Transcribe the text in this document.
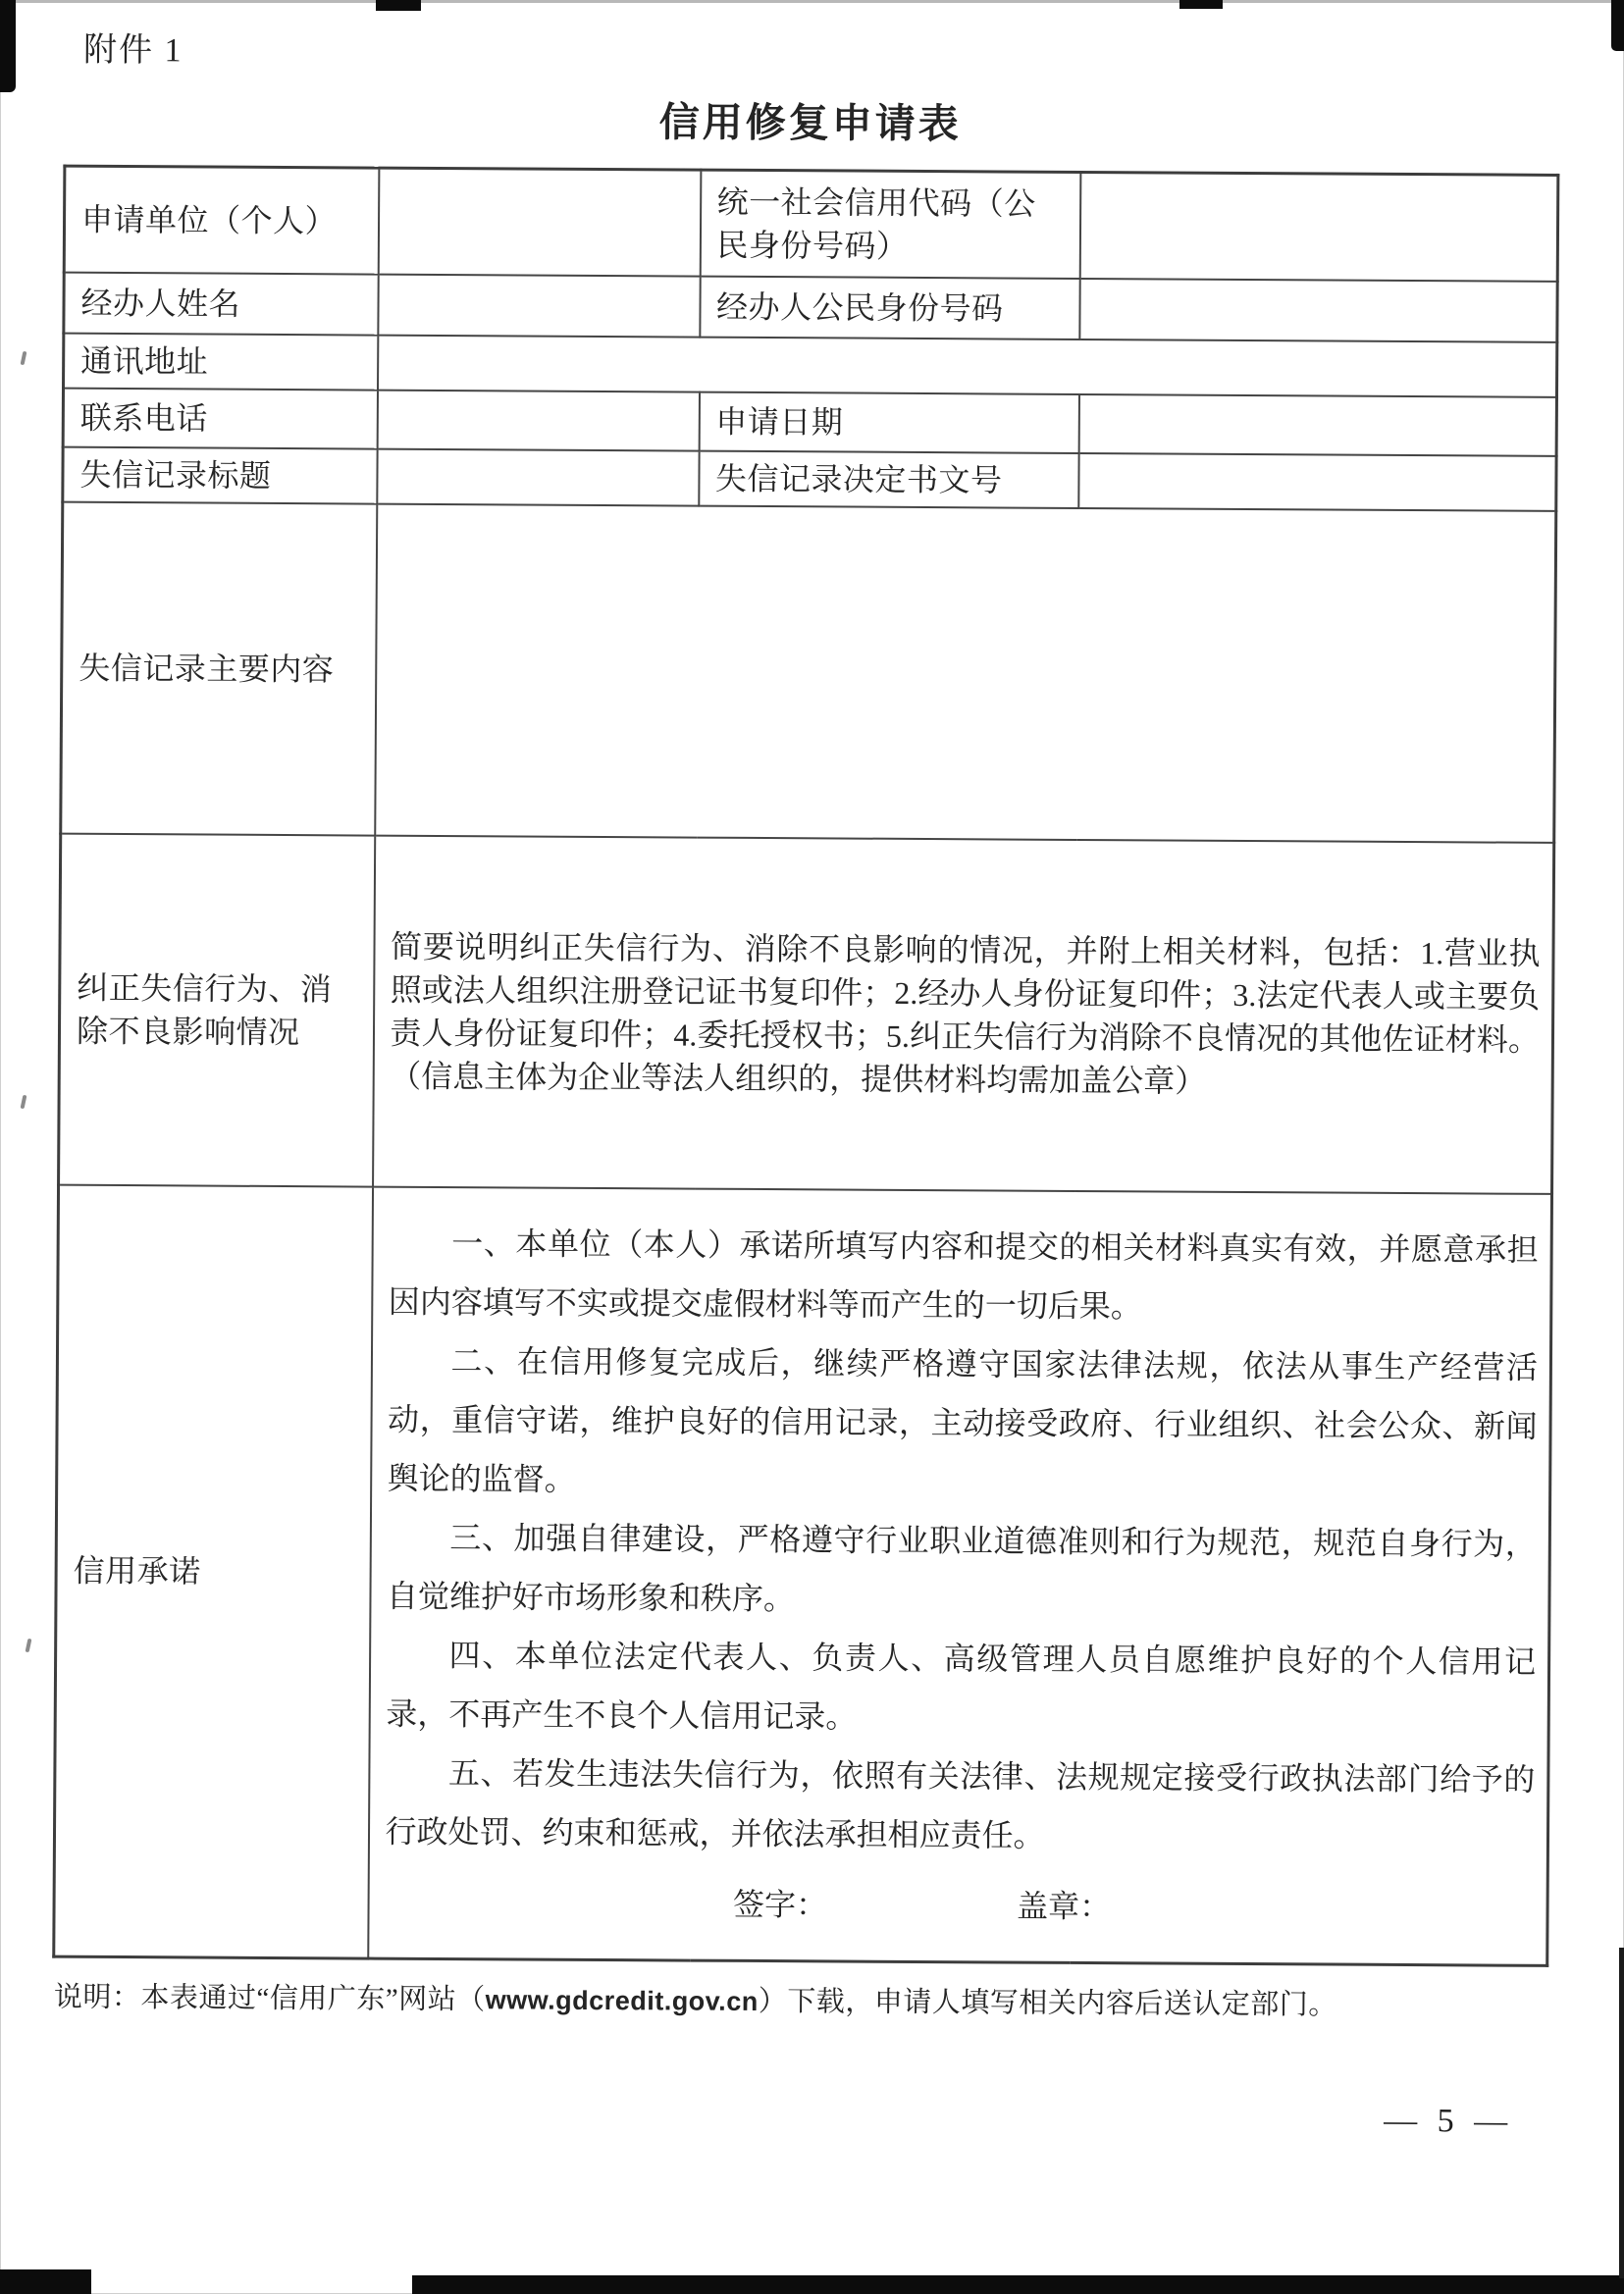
附件 1
信用修复申请表
申请单位（个人）		统一社会信用代码（公民身份号码）	
经办人姓名		经办人公民身份号码	
通讯地址			
联系电话		申请日期	
失信记录标题		失信记录决定书文号	
失信记录主要内容			
纠正失信行为、消除不良影响情况	简要说明纠正失信行为、消除不良影响的情况，并附上相关材料，包括：1.营业执照或法人组织注册登记证书复印件；2.经办人身份证复印件；3.法定代表人或主要负责人身份证复印件；4.委托授权书；5.纠正失信行为消除不良情况的其他佐证材料。（信息主体为企业等法人组织的，提供材料均需加盖公章）		
信用承诺	

一、本单位（本人）承诺所填写内容和提交的相关材料真实有效，并愿意承担因内容填写不实或提交虚假材料等而产生的一切后果。

二、在信用修复完成后，继续严格遵守国家法律法规，依法从事生产经营活动，重信守诺，维护良好的信用记录，主动接受政府、行业组织、社会公众、新闻舆论的监督。

三、加强自律建设，严格遵守行业职业道德准则和行为规范，规范自身行为，自觉维护好市场形象和秩序。

四、本单位法定代表人、负责人、高级管理人员自愿维护良好的个人信用记录，不再产生不良个人信用记录。

五、若发生违法失信行为，依照有关法律、法规规定接受行政执法部门给予的行政处罚、约束和惩戒，并依法承担相应责任。

签字：	盖章：

说明：本表通过“信用广东”网站（www.gdcredit.gov.cn）下载，申请人填写相关内容后送认定部门。

— 5 —
